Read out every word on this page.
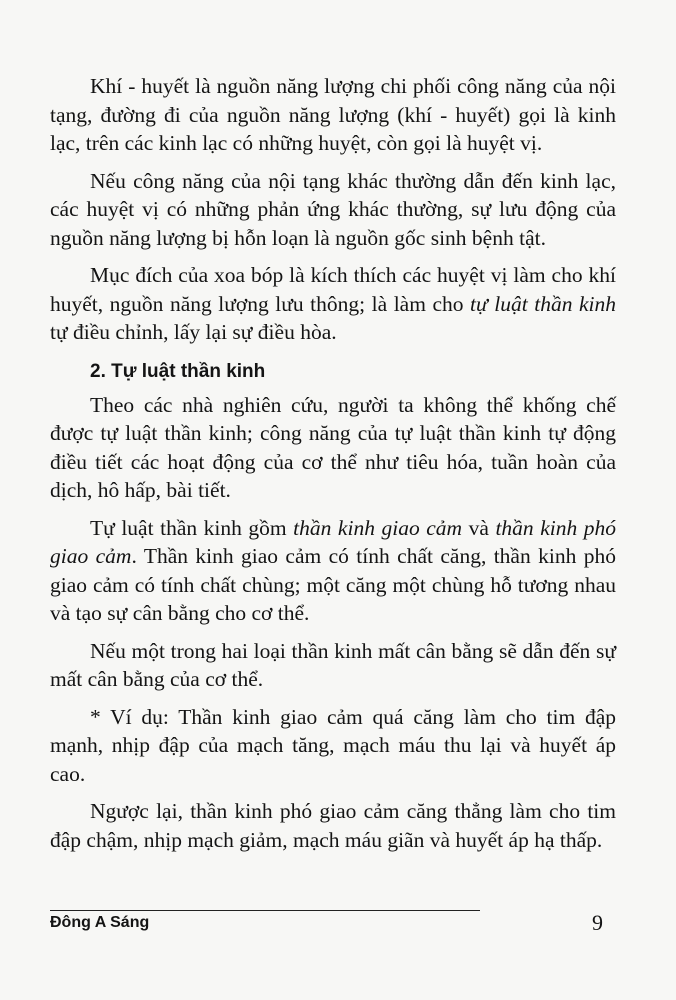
Khí - huyết là nguồn năng lượng chi phối công năng của nội tạng, đường đi của nguồn năng lượng (khí - huyết) gọi là kinh lạc, trên các kinh lạc có những huyệt, còn gọi là huyệt vị.

Nếu công năng của nội tạng khác thường dẫn đến kinh lạc, các huyệt vị có những phản ứng khác thường, sự lưu động của nguồn năng lượng bị hỗn loạn là nguồn gốc sinh bệnh tật.

Mục đích của xoa bóp là kích thích các huyệt vị làm cho khí huyết, nguồn năng lượng lưu thông; là làm cho tự luật thần kinh tự điều chỉnh, lấy lại sự điều hòa.

2. Tự luật thần kinh

Theo các nhà nghiên cứu, người ta không thể khống chế được tự luật thần kinh; công năng của tự luật thần kinh tự động điều tiết các hoạt động của cơ thể như tiêu hóa, tuần hoàn của dịch, hô hấp, bài tiết.

Tự luật thần kinh gồm thần kinh giao cảm và thần kinh phó giao cảm. Thần kinh giao cảm có tính chất căng, thần kinh phó giao cảm có tính chất chùng; một căng một chùng hỗ tương nhau và tạo sự cân bằng cho cơ thể.

Nếu một trong hai loại thần kinh mất cân bằng sẽ dẫn đến sự mất cân bằng của cơ thể.

* Ví dụ: Thần kinh giao cảm quá căng làm cho tim đập mạnh, nhịp đập của mạch tăng, mạch máu thu lại và huyết áp cao.

Ngược lại, thần kinh phó giao cảm căng thẳng làm cho tim đập chậm, nhịp mạch giảm, mạch máu giãn và huyết áp hạ thấp.

Đông A Sáng	9
